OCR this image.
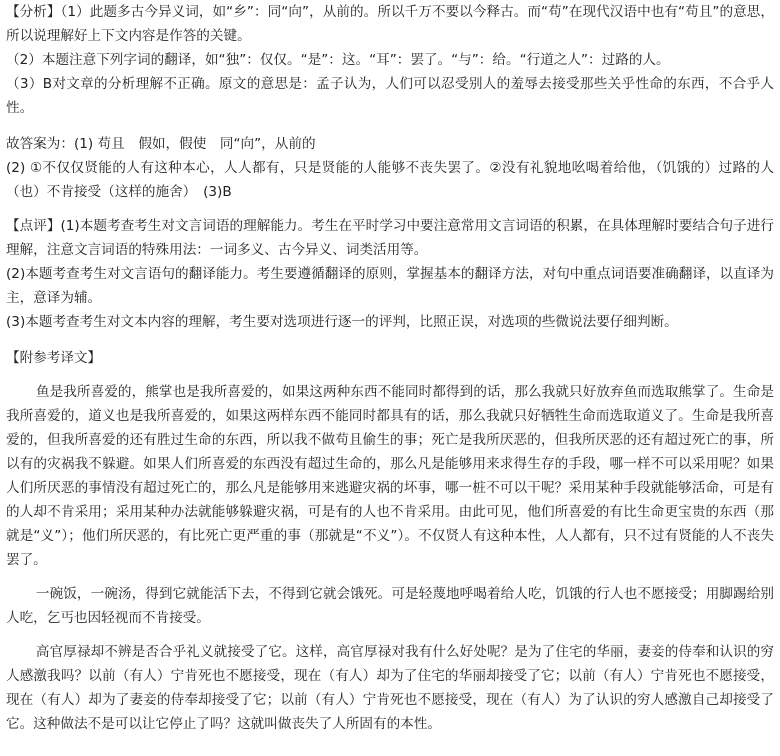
【分析】（1）此题多古今异义词，如“乡”：同“向”，从前的。所以千万不要以今释古。而“苟”在现代汉语中也有“苟且”的意思，所以说理解好上下文内容是作答的关键。

（2）本题注意下列字词的翻译，如“独”：仅仅。“是”：这。“耳”：罢了。“与”：给。“行道之人”：过路的人。

（3）B对文章的分析理解不正确。原文的意思是：孟子认为，人们可以忍受别人的羞辱去接受那些关乎性命的东西，不合乎人性。

故答案为：(1) 苟且　假如，假使　同“向”，从前的

(2) ①不仅仅贤能的人有这种本心，人人都有，只是贤能的人能够不丧失罢了。②没有礼貌地吆喝着给他，（饥饿的）过路的人（也）不肯接受（这样的施舍）　(3)B

【点评】(1)本题考查考生对文言词语的理解能力。考生在平时学习中要注意常用文言词语的积累，在具体理解时要结合句子进行理解，注意文言词语的特殊用法：一词多义、古今异义、词类活用等。

(2)本题考查考生对文言语句的翻译能力。考生要遵循翻译的原则，掌握基本的翻译方法，对句中重点词语要准确翻译，以直译为主，意译为辅。

(3)本题考查考生对文本内容的理解，考生要对选项进行逐一的评判，比照正误，对选项的些微说法要仔细判断。

【附参考译文】

鱼是我所喜爱的，熊掌也是我所喜爱的，如果这两种东西不能同时都得到的话，那么我就只好放弃鱼而选取熊掌了。生命是我所喜爱的，道义也是我所喜爱的，如果这两样东西不能同时都具有的话，那么我就只好牺牲生命而选取道义了。生命是我所喜爱的，但我所喜爱的还有胜过生命的东西，所以我不做苟且偷生的事；死亡是我所厌恶的，但我所厌恶的还有超过死亡的事，所以有的灾祸我不躲避。如果人们所喜爱的东西没有超过生命的，那么凡是能够用来求得生存的手段，哪一样不可以采用呢？如果人们所厌恶的事情没有超过死亡的，那么凡是能够用来逃避灾祸的坏事，哪一桩不可以干呢？采用某种手段就能够活命，可是有的人却不肯采用；采用某种办法就能够躲避灾祸，可是有的人也不肯采用。由此可见，他们所喜爱的有比生命更宝贵的东西（那就是“义”）；他们所厌恶的，有比死亡更严重的事（那就是“不义”）。不仅贤人有这种本性，人人都有，只不过有贤能的人不丧失罢了。

一碗饭，一碗汤，得到它就能活下去，不得到它就会饿死。可是轻蔑地呼喝着给人吃，饥饿的行人也不愿接受；用脚踢给别人吃，乞丐也因轻视而不肯接受。

高官厚禄却不辨是否合乎礼义就接受了它。这样，高官厚禄对我有什么好处呢？是为了住宅的华丽，妻妾的侍奉和认识的穷人感激我吗？以前（有人）宁肯死也不愿接受，现在（有人）却为了住宅的华丽却接受了它；以前（有人）宁肯死也不愿接受，现在（有人）却为了妻妾的侍奉却接受了它；以前（有人）宁肯死也不愿接受，现在（有人）为了认识的穷人感激自己却接受了它。这种做法不是可以让它停止了吗？这就叫做丧失了人所固有的本性。
